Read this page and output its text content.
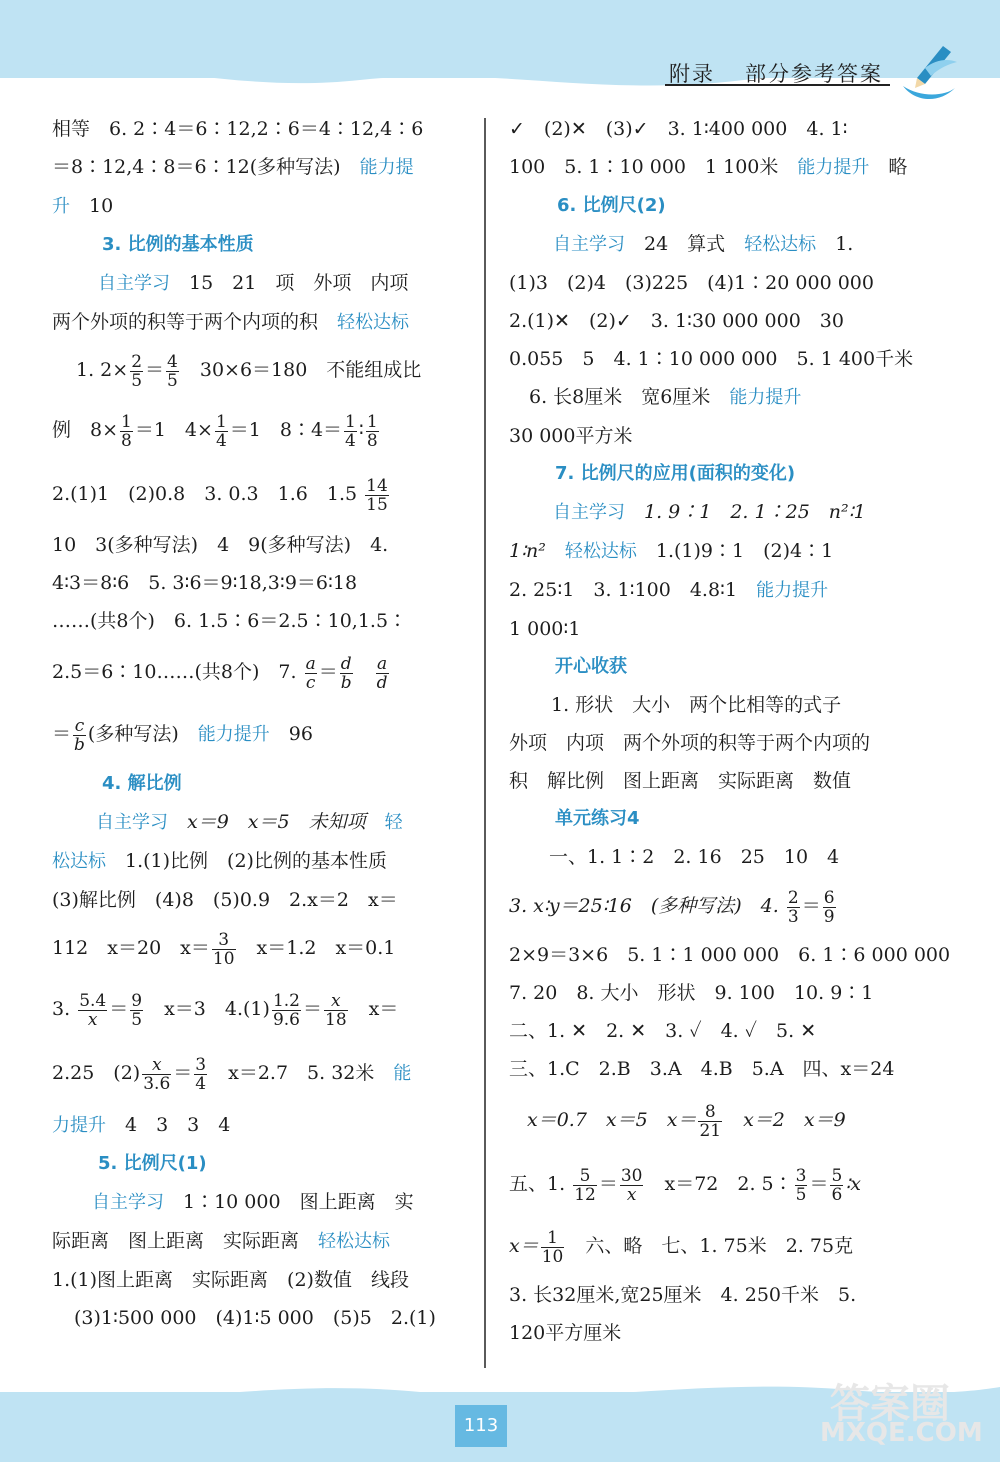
附录 部分参考答案
相等　6. 2∶4＝6∶12,2∶6＝4∶12,4∶6
＝8∶12,4∶8＝6∶12(多种写法)　能力提
升　10
3. 比例的基本性质
自主学习　15　21　项　外项　内项
两个外项的积等于两个内项的积　轻松达标
1. $2\times \frac{2}{5} = \frac{4}{5}$ 　30×6＝180　不能组成比
例　$8\times \frac{1}{8} =1$　$4\times \frac{1}{4} =1$　8∶4＝ $\frac{1}{4}$ ∶ $\frac{1}{8}$
2.(1)1　(2)0.8　3. 0.3　1.6　$1.5 \frac{14}{15}$
10　3(多种写法)　4　9(多种写法)　4.
4∶3＝8∶6　5. 3∶6＝9∶18,3∶9＝6∶18
……(共8个)　6. 1.5∶6＝2.5∶10,1.5∶
2.5＝6∶10……(共8个)　7. $\frac{a}{c} = \frac{d}{b}$
　 $\frac{a}{d}$
＝ $\frac{c}{b}$ (多种写法)　能力提升　96
4. 解比例
自主学习　x＝9　x＝5　未知项　轻
松达标　1.(1)比例　(2)比例的基本性质
(3)解比例　(4)8　(5)0.9　2.x＝2　x＝
112　x＝20　$x= \frac{3}{10}$ 　x＝1.2　x＝0.1
3. $\frac{5.4}{x} = \frac{9}{5}$ 　x＝3　$4.(1) \frac{1.2}{9.6} = \frac{x}{18}$ 　x＝
2.25　$(2) \frac{x}{3.6} = \frac{3}{4}$ 　x＝2.7　5. 32米　能
力提升　4　3　3　4
5. 比例尺(1)
自主学习　1∶10 000　图上距离　实
际距离　图上距离　实际距离　轻松达标
1.(1)图上距离　实际距离　(2)数值　线段
(3)1∶500 000　(4)1∶5 000　(5)5　2.(1)
✓　(2)✕　(3)✓　3. 1∶400 000　4. 1∶
100　5. 1∶10 000　1 100米　能力提升　略
6. 比例尺(2)
自主学习　24　算式　轻松达标　1.
(1)3　(2)4　(3)225　(4)1∶20 000 000
2.(1)✕　(2)✓　3. 1∶30 000 000　30
0.055　5　4. 1∶10 000 000　5. 1 400千米
6. 长8厘米　宽6厘米　能力提升
30 000平方米
7. 比例尺的应用(面积的变化)
自主学习　1. 9∶1　2. 1∶25　n²∶1
1∶n²　轻松达标　1.(1)9∶1　(2)4∶1
2. 25∶1　3. 1∶100　4.8∶1　能力提升
1 000∶1
开心收获
1. 形状　大小　两个比相等的式子
外项　内项　两个外项的积等于两个内项的
积　解比例　图上距离　实际距离　数值
单元练习4
一、1. 1∶2　2. 16　25　10　4
3. x∶y＝25∶16　(多种写法)　4. $\frac{2}{3} = \frac{6}{9}$
2×9＝3×6　5. 1∶1 000 000　6. 1∶6 000 000
7. 20　8. 大小　形状　9. 100　10. 9∶1
二、1. ✕　2. ✕　3. ✓　4. ✓　5. ✕
三、1.C　2.B　3.A　4.B　5.A　四、x＝24
x＝0.7　x＝5　$x= \frac{8}{21}$ 　x＝2　x＝9
五、1. $\frac{5}{12} = \frac{30}{x}$ 　x＝72　2. 5∶ $\frac{3}{5} = \frac{5}{6}$ ∶x
$x= \frac{1}{10}$ 　六、略　七、1. 75米　2. 75克
3. 长32厘米,宽25厘米　4. 250千米　5.
120平方厘米
113	答案圈
MXQE.COM
